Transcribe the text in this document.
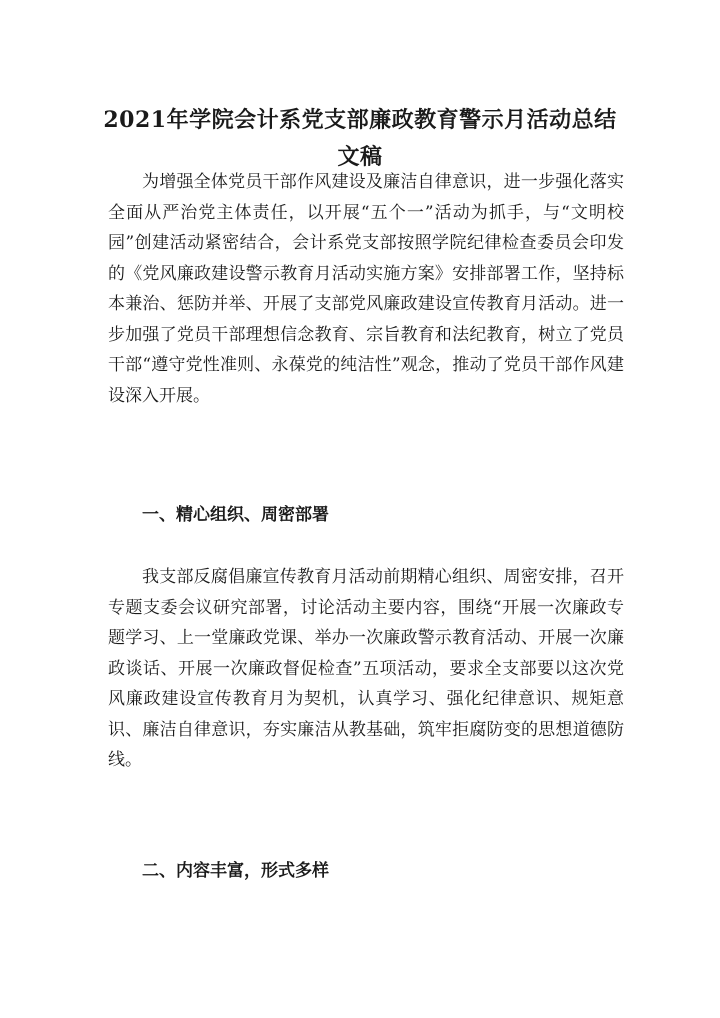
2021年学院会计系党支部廉政教育警示月活动总结文稿

为增强全体党员干部作风建设及廉洁自律意识，进一步强化落实全面从严治党主体责任，以开展“五个一”活动为抓手，与“文明校园”创建活动紧密结合，会计系党支部按照学院纪律检查委员会印发的《党风廉政建设警示教育月活动实施方案》安排部署工作，坚持标本兼治、惩防并举、开展了支部党风廉政建设宣传教育月活动。进一步加强了党员干部理想信念教育、宗旨教育和法纪教育，树立了党员干部“遵守党性准则、永葆党的纯洁性”观念，推动了党员干部作风建设深入开展。

一、精心组织、周密部署

我支部反腐倡廉宣传教育月活动前期精心组织、周密安排，召开专题支委会议研究部署，讨论活动主要内容，围绕“开展一次廉政专题学习、上一堂廉政党课、举办一次廉政警示教育活动、开展一次廉政谈话、开展一次廉政督促检查”五项活动，要求全支部要以这次党风廉政建设宣传教育月为契机，认真学习、强化纪律意识、规矩意识、廉洁自律意识，夯实廉洁从教基础，筑牢拒腐防变的思想道德防线。

二、内容丰富，形式多样
